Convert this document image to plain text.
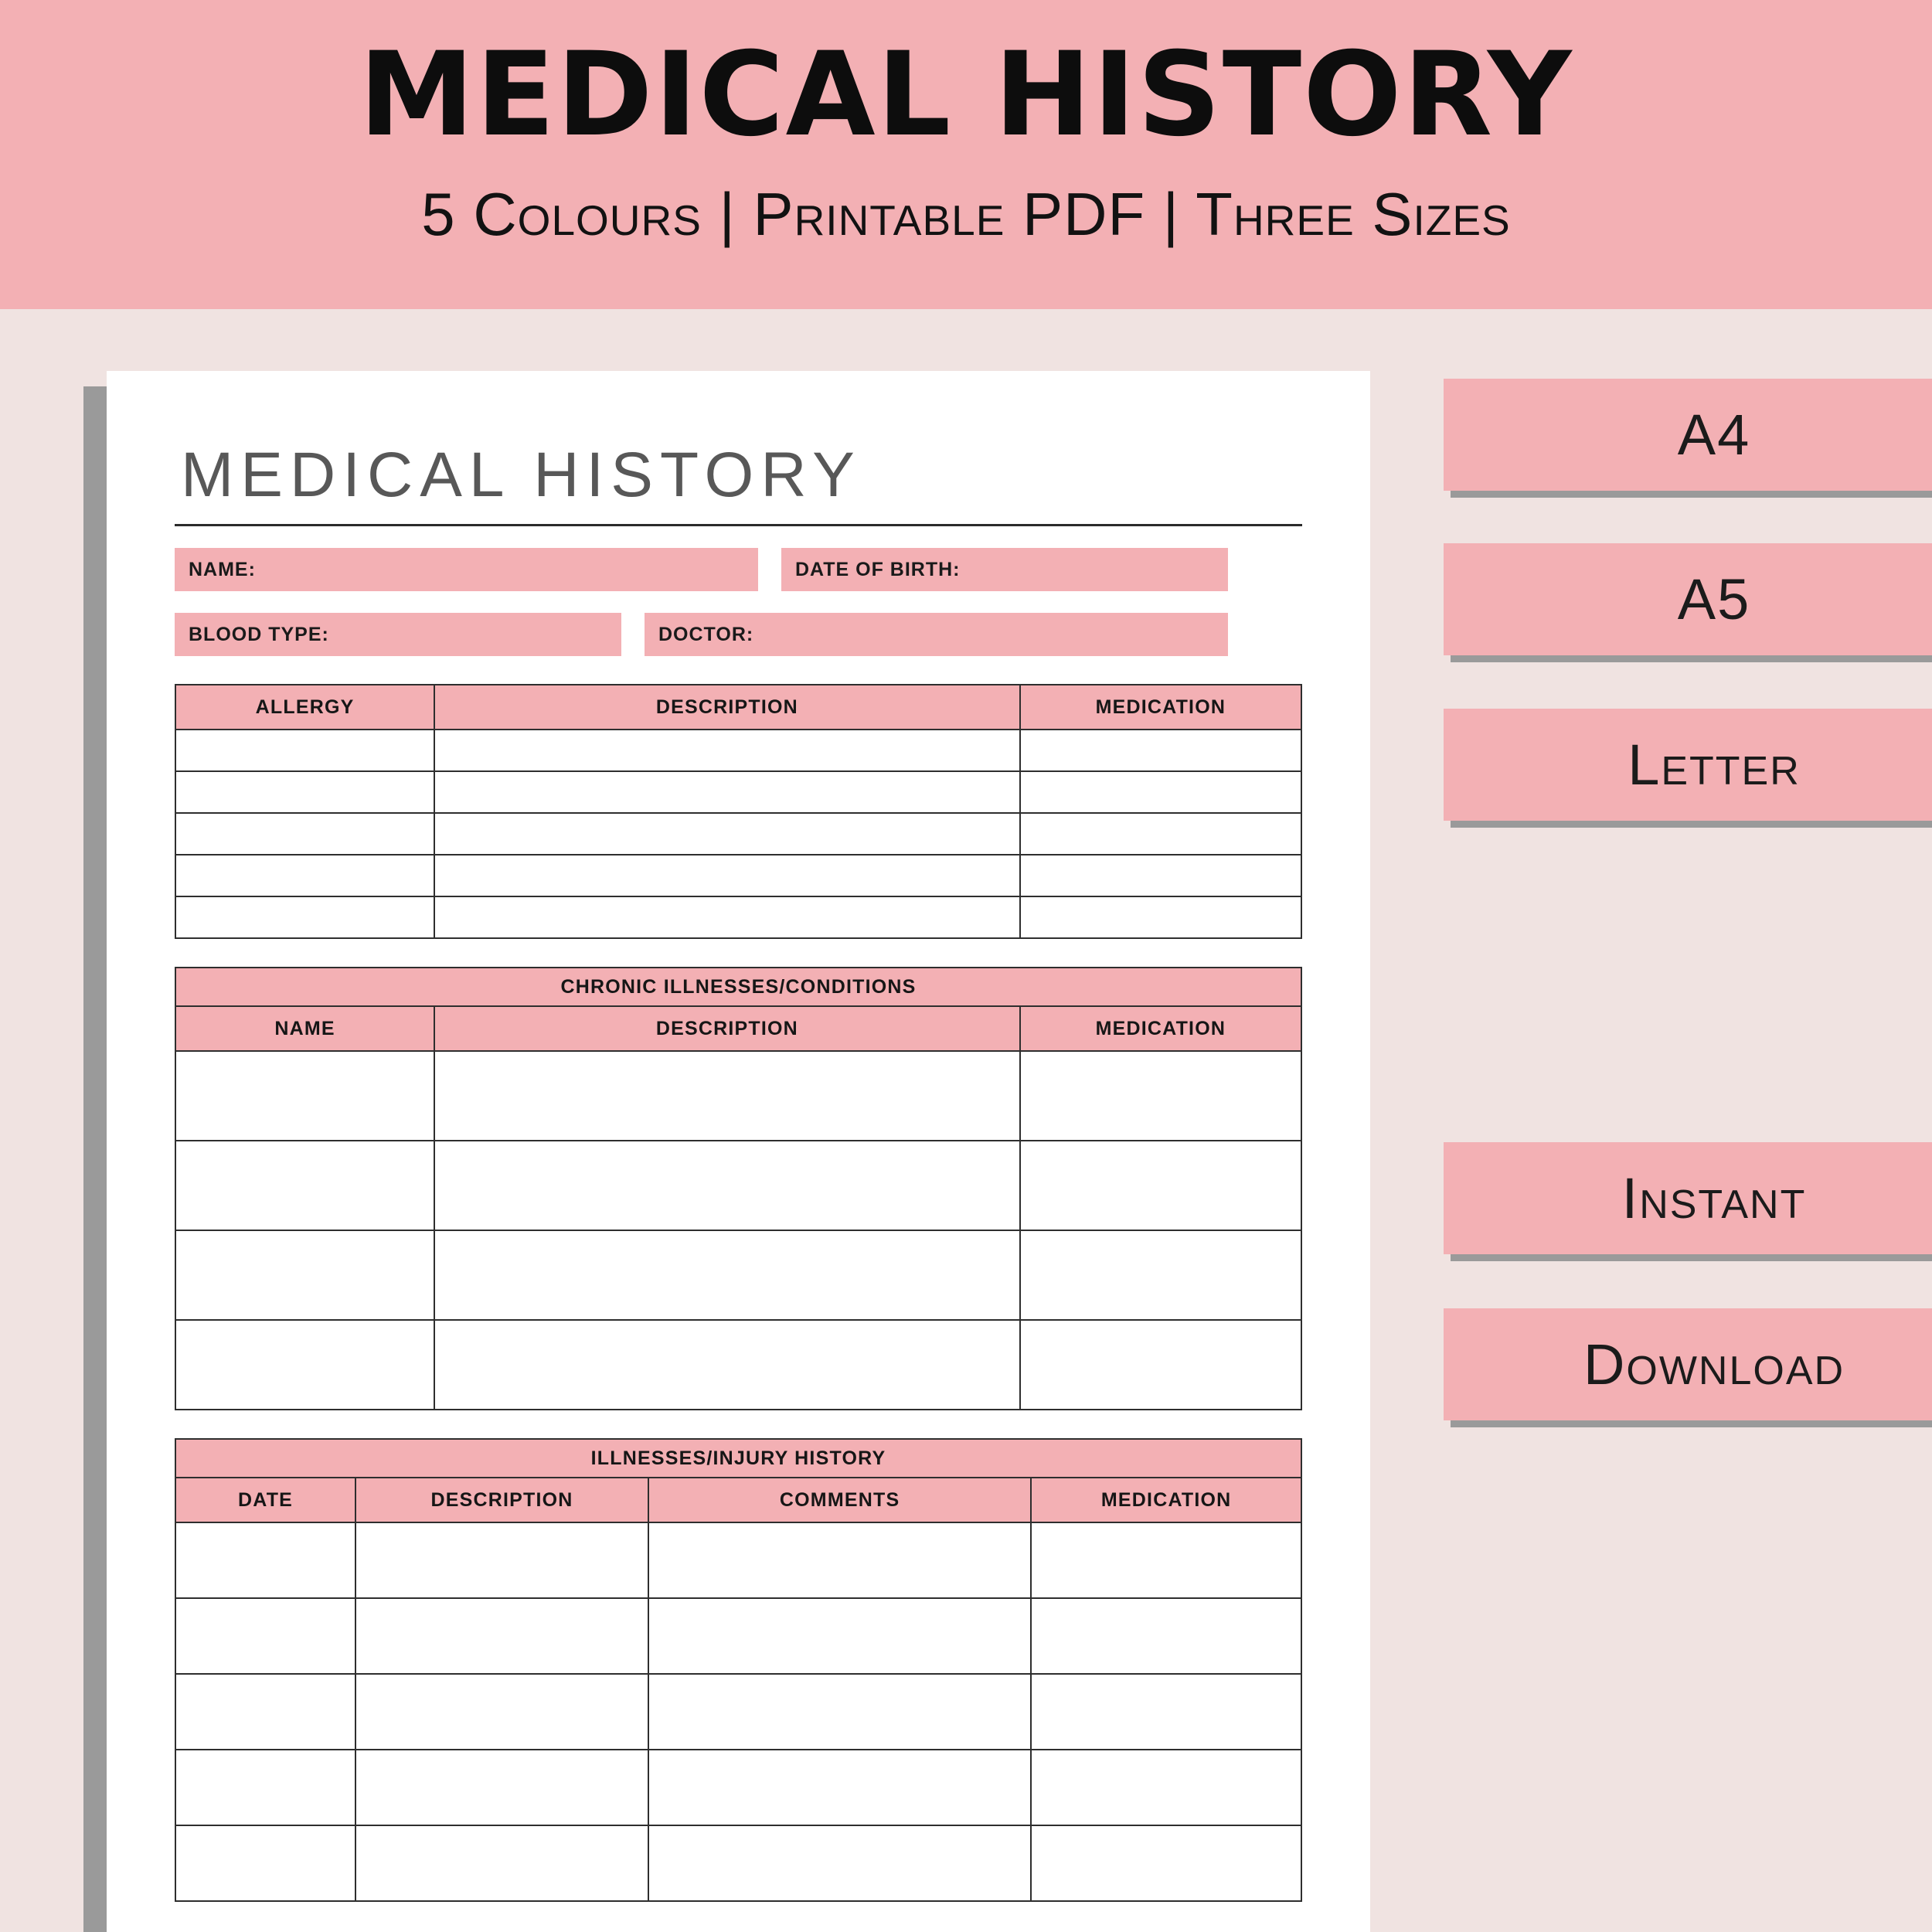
MEDICAL HISTORY
5 Colours | Printable PDF | Three Sizes
MEDICAL HISTORY
NAME:	DATE OF BIRTH:
BLOOD TYPE:	DOCTOR:
ALLERGY	DESCRIPTION	MEDICATION

CHRONIC ILLNESSES/CONDITIONS		
NAME	DESCRIPTION	MEDICATION

ILLNESSES/INJURY HISTORY			
DATE	DESCRIPTION	COMMENTS	MEDICATION

A4
A5
Letter
Instant
Download
